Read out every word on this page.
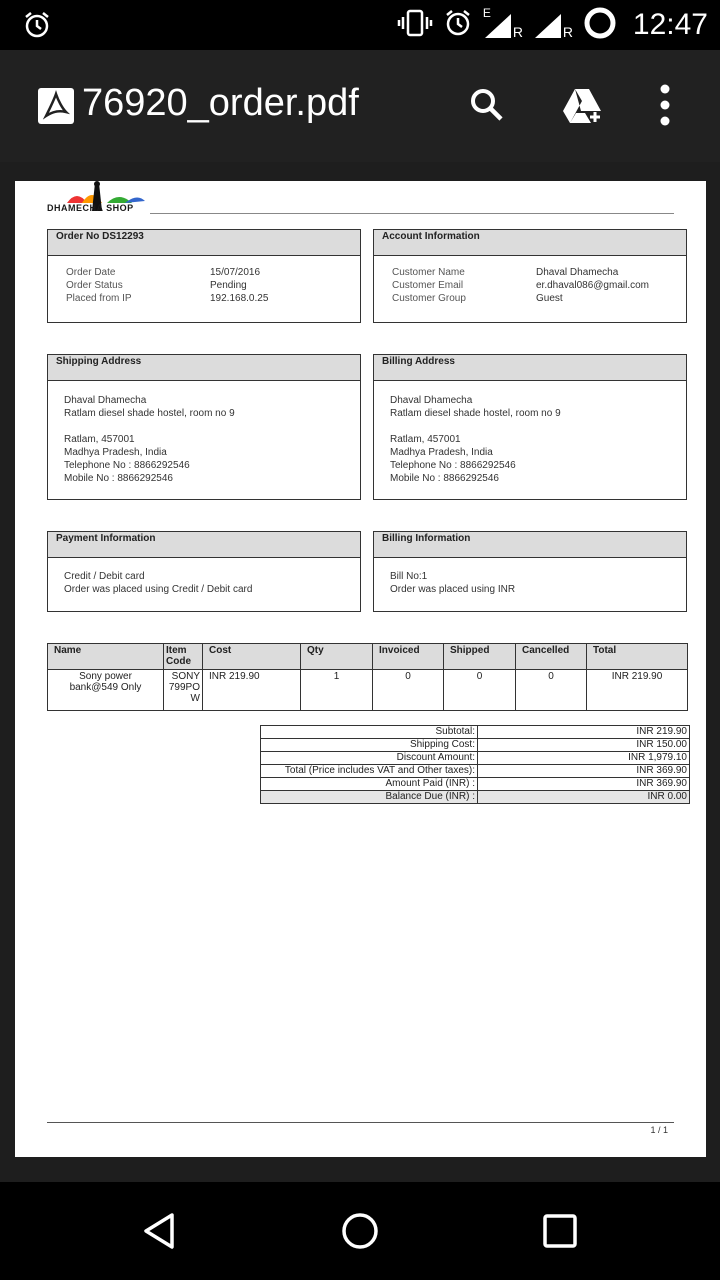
E
R	R 12:47
76920_order.pdf
DHAMECHA SHOP
Order No DS12293
Order Date	15/07/2016
Order Status	Pending
Placed from IP	192.168.0.25
Account Information
Customer Name	Dhaval Dhamecha
Customer Email	er.dhaval086@gmail.com
Customer Group	Guest
Shipping Address
Dhaval Dhamecha
Ratlam diesel shade hostel, room no 9
Ratlam, 457001
Madhya Pradesh, India
Telephone No : 8866292546
Mobile No : 8866292546
Billing Address
Dhaval Dhamecha
Ratlam diesel shade hostel, room no 9
Ratlam, 457001
Madhya Pradesh, India
Telephone No : 8866292546
Mobile No : 8866292546
Payment Information
Credit / Debit card
Order was placed using Credit / Debit card
Billing Information
Bill No:1
Order was placed using INR
Name	Item Code	Cost	Qty	Invoiced	Shipped	Cancelled	Total
Sony power bank@549 Only	SONY 799PO W	INR 219.90	1	0	0	0	INR 219.90
Subtotal:	INR 219.90
Shipping Cost:	INR 150.00
Discount Amount:	INR 1,979.10
Total (Price includes VAT and Other taxes):	INR 369.90
Amount Paid (INR) :	INR 369.90
Balance Due (INR) :	INR 0.00
1 / 1
